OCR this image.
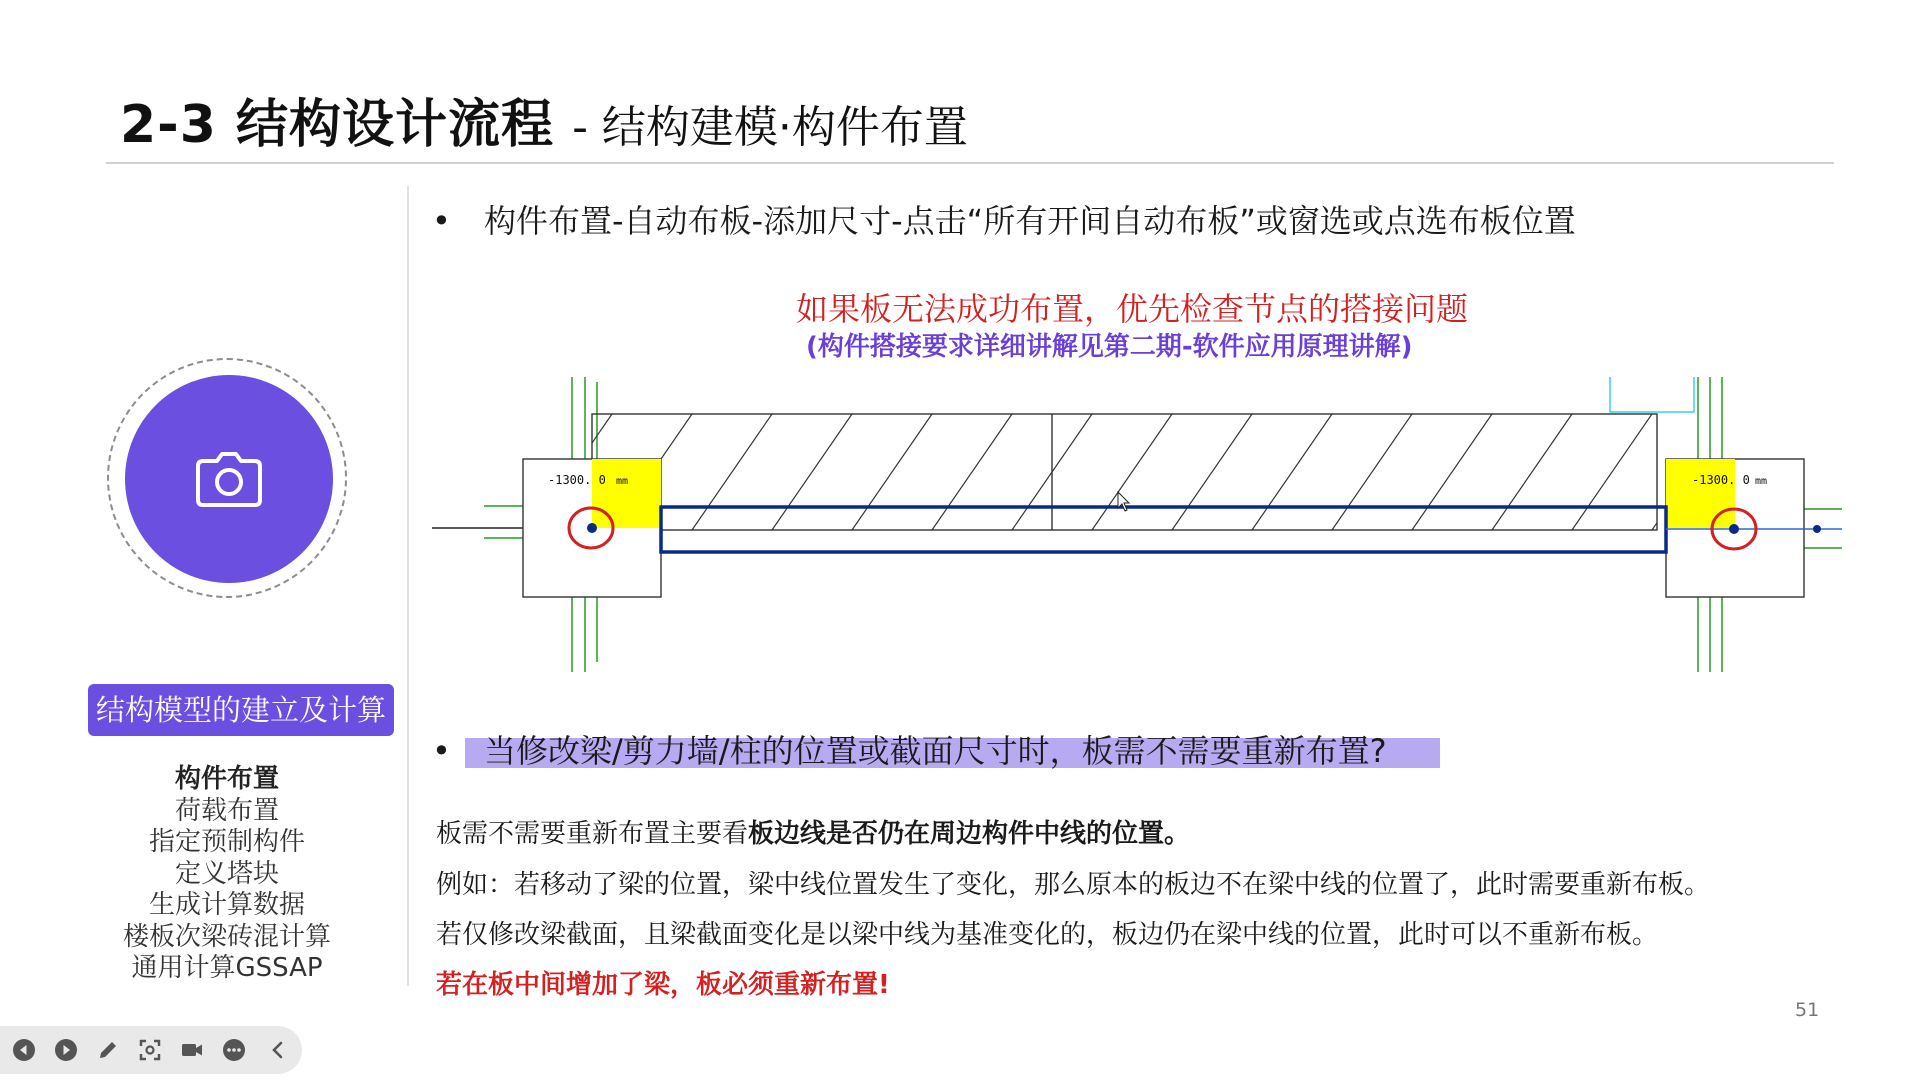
2-3 结构设计流程 - 结构建模·构件布置
结构模型的建立及计算
构件布置
荷载布置
指定预制构件
定义塔块
生成计算数据
楼板次梁砖混计算
通用计算GSSAP
• 构件布置-自动布板-添加尺寸-点击“所有开间自动布板”或窗选或点选布板位置
如果板无法成功布置，优先检查节点的搭接问题
(构件搭接要求详细讲解见第二期-软件应用原理讲解)
-1300. 0 mm	-1300. 0 mm
• 当修改梁/剪力墙/柱的位置或截面尺寸时，板需不需要重新布置?
板需不需要重新布置主要看板边线是否仍在周边构件中线的位置。
例如：若移动了梁的位置，梁中线位置发生了变化，那么原本的板边不在梁中线的位置了，此时需要重新布板。
若仅修改梁截面，且梁截面变化是以梁中线为基准变化的，板边仍在梁中线的位置，此时可以不重新布板。
若在板中间增加了梁，板必须重新布置!
51
